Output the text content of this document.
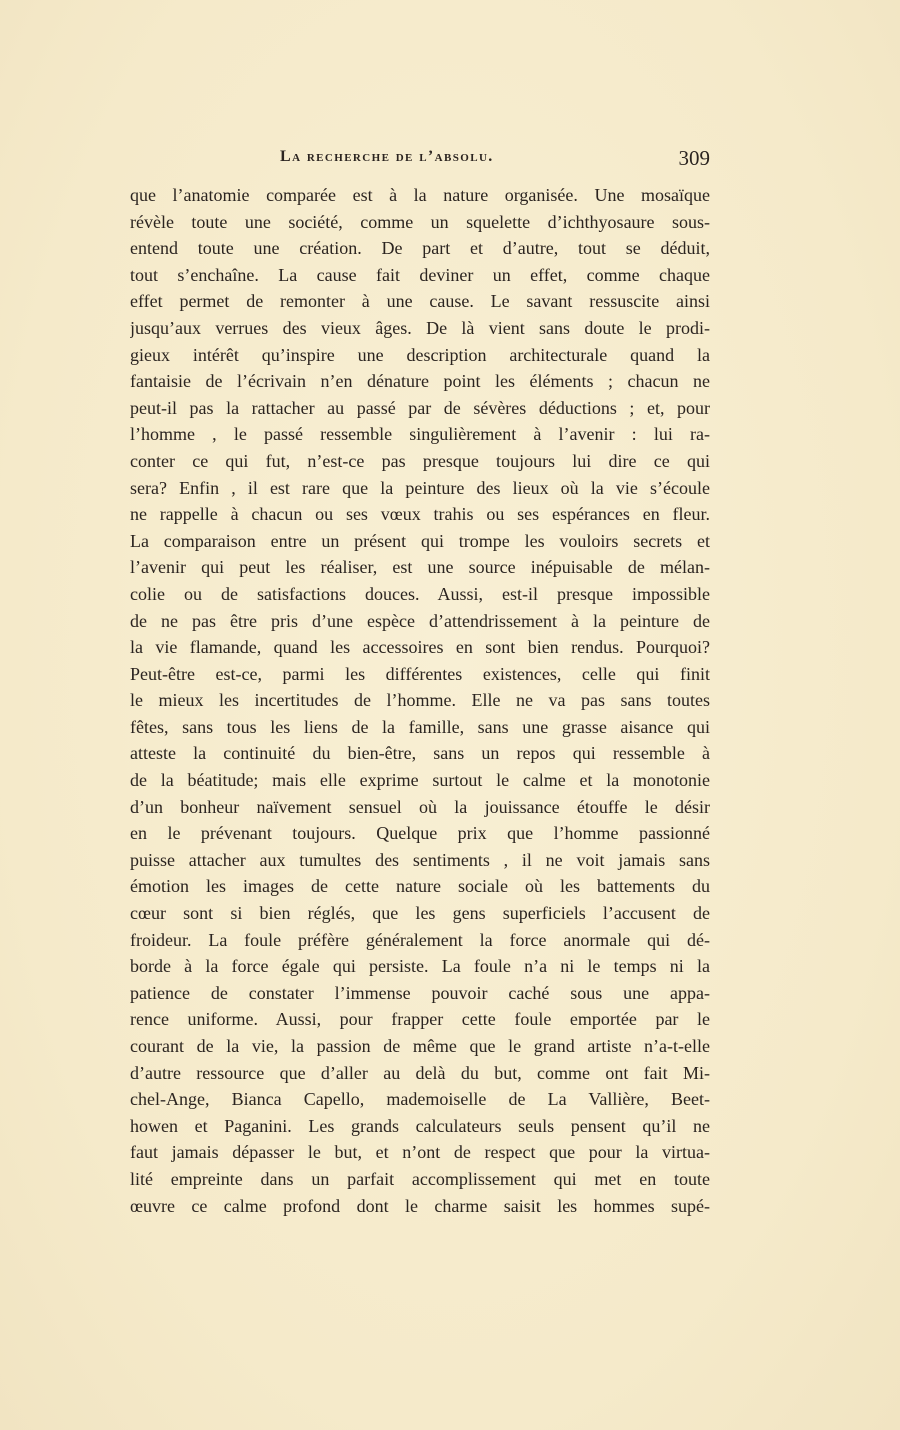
La recherche de l’absolu.	309
que l’anatomie comparée est à la nature organisée. Une mosaïque
révèle toute une société, comme un squelette d’ichthyosaure sous-
entend toute une création. De part et d’autre, tout se déduit,
tout s’enchaîne. La cause fait deviner un effet, comme chaque
effet permet de remonter à une cause. Le savant ressuscite ainsi
jusqu’aux verrues des vieux âges. De là vient sans doute le prodi-
gieux intérêt qu’inspire une description architecturale quand la
fantaisie de l’écrivain n’en dénature point les éléments ; chacun ne
peut-il pas la rattacher au passé par de sévères déductions ; et, pour
l’homme , le passé ressemble singulièrement à l’avenir : lui ra-
conter ce qui fut, n’est-ce pas presque toujours lui dire ce qui
sera? Enfin , il est rare que la peinture des lieux où la vie s’écoule
ne rappelle à chacun ou ses vœux trahis ou ses espérances en fleur.
La comparaison entre un présent qui trompe les vouloirs secrets et
l’avenir qui peut les réaliser, est une source inépuisable de mélan-
colie ou de satisfactions douces. Aussi, est-il presque impossible
de ne pas être pris d’une espèce d’attendrissement à la peinture de
la vie flamande, quand les accessoires en sont bien rendus. Pourquoi?
Peut-être est-ce, parmi les différentes existences, celle qui finit
le mieux les incertitudes de l’homme. Elle ne va pas sans toutes
fêtes, sans tous les liens de la famille, sans une grasse aisance qui
atteste la continuité du bien-être, sans un repos qui ressemble à
de la béatitude; mais elle exprime surtout le calme et la monotonie
d’un bonheur naïvement sensuel où la jouissance étouffe le désir
en le prévenant toujours. Quelque prix que l’homme passionné
puisse attacher aux tumultes des sentiments , il ne voit jamais sans
émotion les images de cette nature sociale où les battements du
cœur sont si bien réglés, que les gens superficiels l’accusent de
froideur. La foule préfère généralement la force anormale qui dé-
borde à la force égale qui persiste. La foule n’a ni le temps ni la
patience de constater l’immense pouvoir caché sous une appa-
rence uniforme. Aussi, pour frapper cette foule emportée par le
courant de la vie, la passion de même que le grand artiste n’a-t-elle
d’autre ressource que d’aller au delà du but, comme ont fait Mi-
chel-Ange, Bianca Capello, mademoiselle de La Vallière, Beet-
howen et Paganini. Les grands calculateurs seuls pensent qu’il ne
faut jamais dépasser le but, et n’ont de respect que pour la virtua-
lité empreinte dans un parfait accomplissement qui met en toute
œuvre ce calme profond dont le charme saisit les hommes supé-
